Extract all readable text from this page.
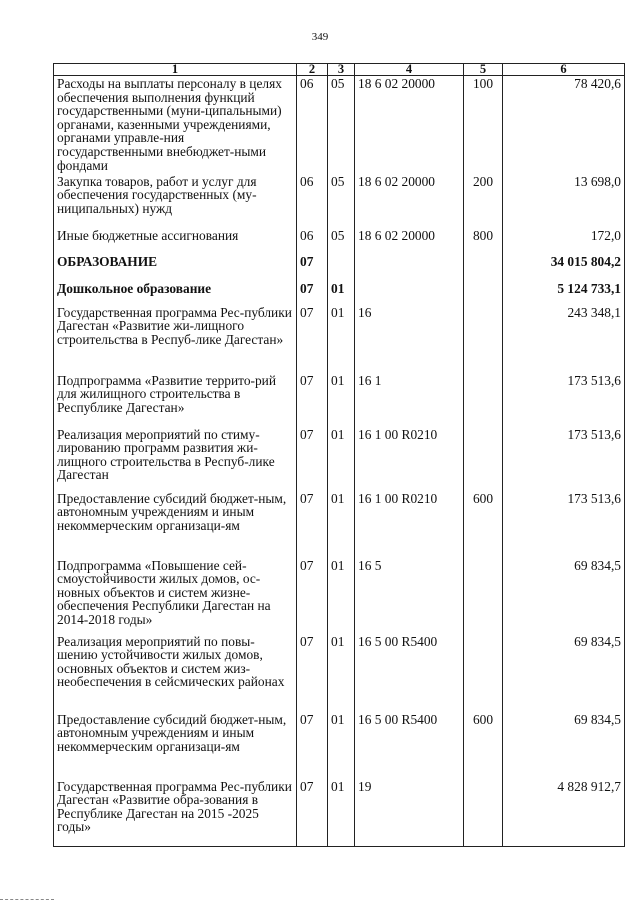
349
1	2	3	4	5	6
Расходы на выплаты персоналу в целях обеспечения выполнения функций государственными (муни-ципальными) органами, казенными учреждениями, органами управле-ния государственными внебюджет-ными фондами	06	05	18 6 02 20000	100	78 420,6
Закупка товаров, работ и услуг для обеспечения государственных (му-ниципальных) нужд	06	05	18 6 02 20000	200	13 698,0
Иные бюджетные ассигнования	06	05	18 6 02 20000	800	172,0
ОБРАЗОВАНИЕ	07				34 015 804,2
Дошкольное образование	07	01			5 124 733,1
Государственная программа Рес-публики Дагестан «Развитие жи-лищного строительства в Респуб-лике Дагестан»	07	01	16		243 348,1
Подпрограмма «Развитие террито-рий для жилищного строительства в Республике Дагестан»	07	01	16 1		173 513,6
Реализация мероприятий по стиму-лированию программ развития жи-лищного строительства в Респуб-лике Дагестан	07	01	16 1 00 R0210		173 513,6
Предоставление субсидий бюджет-ным, автономным учреждениям и иным некоммерческим организаци-ям	07	01	16 1 00 R0210	600	173 513,6
Подпрограмма «Повышение сей-смоустойчивости жилых домов, ос-новных объектов и систем жизне-обеспечения Республики Дагестан на 2014-2018 годы»	07	01	16 5		69 834,5
Реализация мероприятий по повы-шению устойчивости жилых домов, основных объектов и систем жиз-необеспечения в сейсмических районах	07	01	16 5 00 R5400		69 834,5
Предоставление субсидий бюджет-ным, автономным учреждениям и иным некоммерческим организаци-ям	07	01	16 5 00 R5400	600	69 834,5
Государственная программа Рес-публики Дагестан «Развитие обра-зования в Республике Дагестан на 2015 -2025 годы»	07	01	19		4 828 912,7
